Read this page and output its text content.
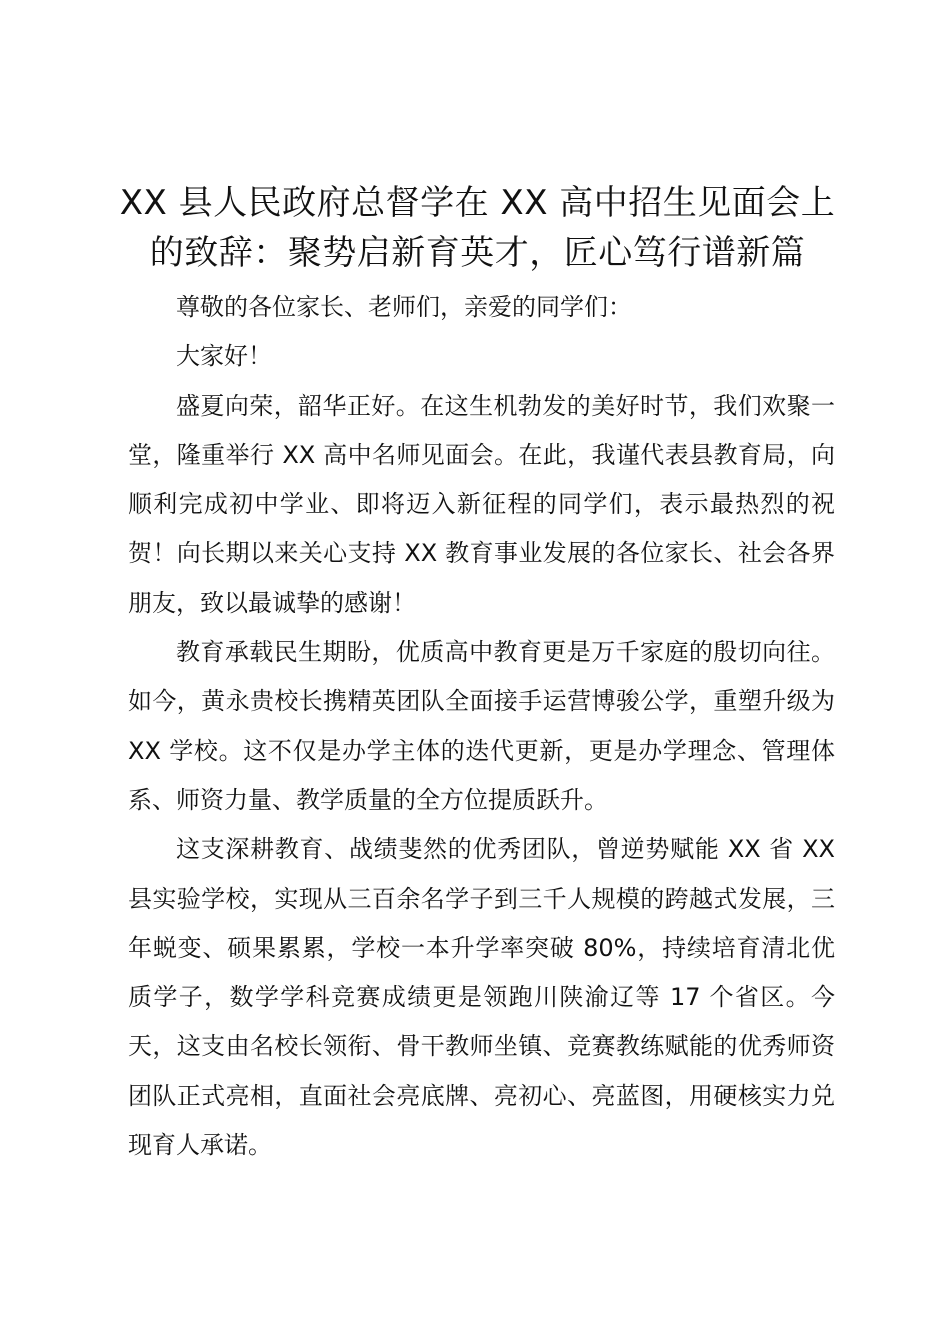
XX 县人民政府总督学在 XX 高中招生见面会上的致辞：聚势启新育英才，匠心笃行谱新篇

尊敬的各位家长、老师们，亲爱的同学们：

大家好！

盛夏向荣，韶华正好。在这生机勃发的美好时节，我们欢聚一堂，隆重举行 XX 高中名师见面会。在此，我谨代表县教育局，向顺利完成初中学业、即将迈入新征程的同学们，表示最热烈的祝贺！向长期以来关心支持 XX 教育事业发展的各位家长、社会各界朋友，致以最诚挚的感谢！

教育承载民生期盼，优质高中教育更是万千家庭的殷切向往。如今，黄永贵校长携精英团队全面接手运营博骏公学，重塑升级为 XX 学校。这不仅是办学主体的迭代更新，更是办学理念、管理体系、师资力量、教学质量的全方位提质跃升。

这支深耕教育、战绩斐然的优秀团队，曾逆势赋能 XX 省 XX 县实验学校，实现从三百余名学子到三千人规模的跨越式发展，三年蜕变、硕果累累，学校一本升学率突破 80%，持续培育清北优质学子，数学学科竞赛成绩更是领跑川陕渝辽等 17 个省区。今天，这支由名校长领衔、骨干教师坐镇、竞赛教练赋能的优秀师资团队正式亮相，直面社会亮底牌、亮初心、亮蓝图，用硬核实力兑现育人承诺。
